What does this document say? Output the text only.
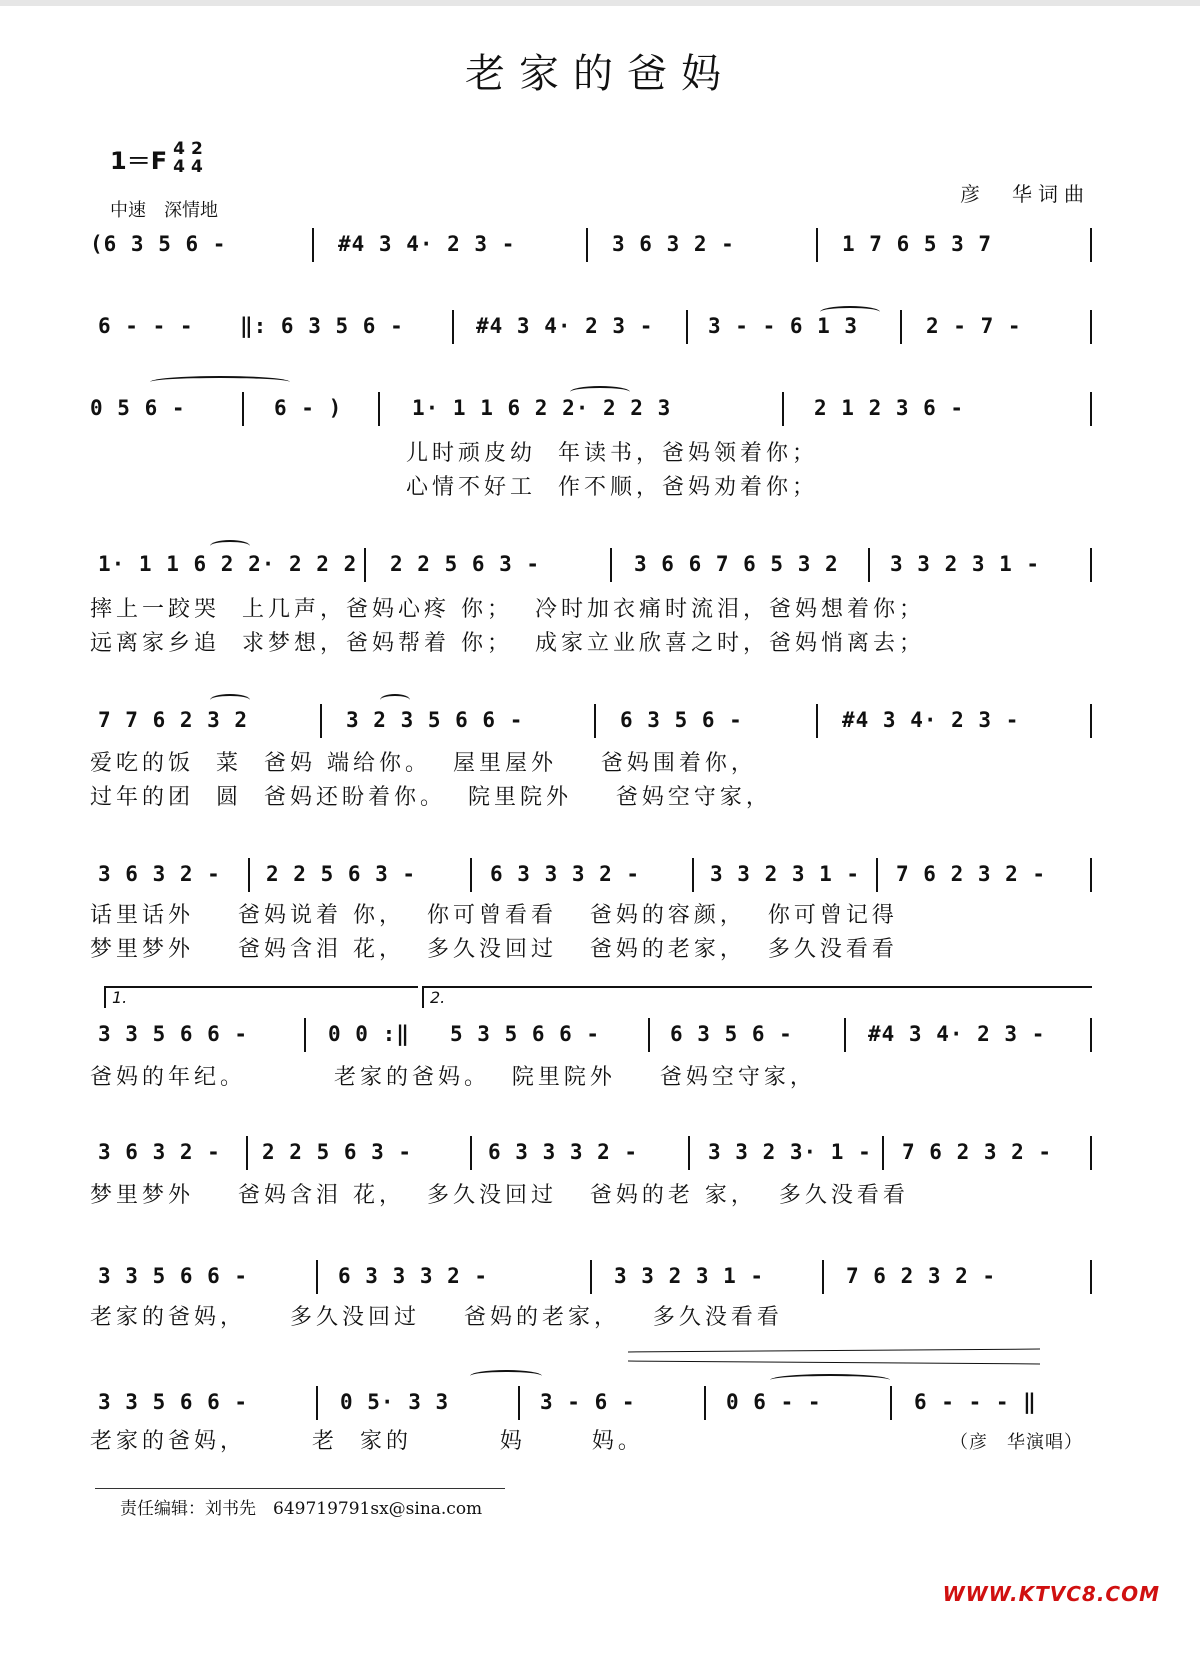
老家的爸妈
1＝F 4
4
2
4
中速　深情地
彦　华词曲

(6 3 5 6 -

	#4 3 4· 2 3 -

	3 6 3 2 -

	1 7 6 5 3 7

6 - - -

‖: 6 3 5 6 -

	#4 3 4· 2 3 -

	3 - - 6 1 3

	2 - 7 -

0 5 6 -

	6 - )

	1· 1 1 6 2 2· 2 2 3

	2 1 2 3 6 -

儿时顽皮幼  年读书，爸妈领着你；
心情不好工  作不顺，爸妈劝着你；

1· 1 1 6 2 2· 2 2 2

2 2 5 6 3 -

	3 6 6 7 6 5 3 2

3 3 2 3 1 -

摔上一跤哭  上几声，爸妈心疼 你；  冷时加衣痛时流泪，爸妈想着你；
远离家乡追  求梦想，爸妈帮着 你；  成家立业欣喜之时，爸妈悄离去；

7 7 6 2 3 2

	3 2 3 5 6 6 -

	6 3 5 6 -

	#4 3 4· 2 3 -

爱吃的饭  菜  爸妈 端给你。  屋里屋外    爸妈围着你，
过年的团  圆  爸妈还盼着你。  院里院外    爸妈空守家，

3 6 3 2 -

2 2 5 6 3 -

	6 3 3 3 2 -

	3 3 2 3 1 -

7 6 2 3 2 -

话里话外    爸妈说着 你，  你可曾看看   爸妈的容颜，  你可曾记得
梦里梦外    爸妈含泪 花，  多久没回过   爸妈的老家，  多久没看看
1.	2.

3 3 5 6 6 -

	0 0 :‖

5 3 5 6 6 -

	6 3 5 6 -

	#4 3 4· 2 3 -

爸妈的年纪。        老家的爸妈。  院里院外    爸妈空守家，

3 6 3 2 -

2 2 5 6 3 -

	6 3 3 3 2 -

	3 3 2 3· 1 -

7 6 2 3 2 -

梦里梦外    爸妈含泪 花，  多久没回过   爸妈的老 家，  多久没看看

3 3 5 6 6 -

	6 3 3 3 2 -

	3 3 2 3 1 -

	7 6 2 3 2 -

老家的爸妈，    多久没回过    爸妈的老家，   多久没看看

3 3 5 6 6 -

	0 5· 3 3

	3 - 6 -

	0 6 - -

	6 - - - ‖

老家的爸妈，      老  家的        妈      妈。	（彦　华演唱）
责任编辑：刘书先　649719791sx@sina.com
WWW.KTVC8.COM
